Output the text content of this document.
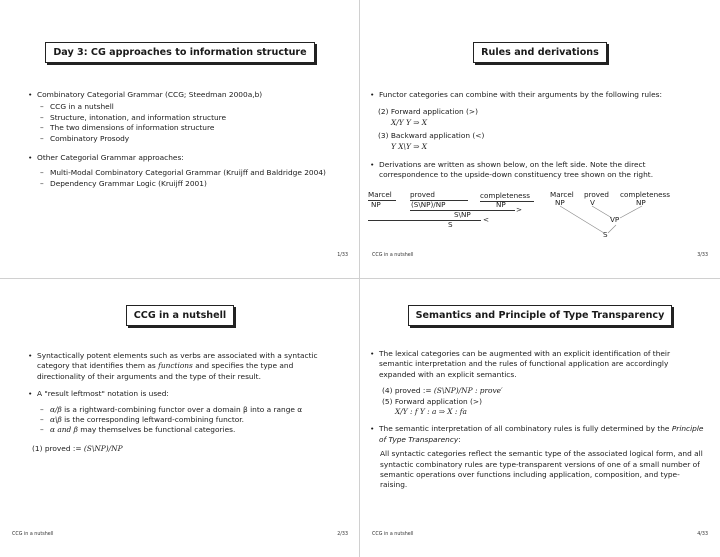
Day 3: CG approaches to information structure
• Combinatory Categorial Grammar (CCG; Steedman 2000a,b)
– CCG in a nutshell
– Structure, intonation, and information structure
– The two dimensions of information structure
– Combinatory Prosody
• Other Categorial Grammar approaches:
– Multi-Modal Combinatory Categorial Grammar (Kruijff and Baldridge 2004)
– Dependency Grammar Logic (Kruijff 2001)
1/33
Rules and derivations
• Functor categories can combine with their arguments by the following rules:
(2) Forward application (>)
X/Y Y ⇒ X
(3) Backward application (<)
Y X\Y ⇒ X
• Derivations are written as shown below, on the left side. Note the direct correspondence to the upside-down constituency tree shown on the right.
Marcel	proved	completeness
NP	(S\NP)/NP	NP
>
S\NP
<
S
Marcel proved completeness
NP	V	NP
VP
S
CCG in a nutshell	3/33
CCG in a nutshell
• Syntactically potent elements such as verbs are associated with a syntactic category that identifies them as functions and specifies the type and directionality of their arguments and the type of their result.
• A "result leftmost" notation is used:
– α/β is a rightward-combining functor over a domain β into a range α
– α\β is the corresponding leftward-combining functor.
– α and β may themselves be functional categories.
(1) proved := (S\NP)/NP
CCG in a nutshell	2/33
Semantics and Principle of Type Transparency
• The lexical categories can be augmented with an explicit identification of their semantic interpretation and the rules of functional application are accordingly expanded with an explicit semantics.
(4) proved := (S\NP)/NP : prove′
(5) Forward application (>)
X/Y : f Y : a ⇒ X : fa
• The semantic interpretation of all combinatory rules is fully determined by the Principle of Type Transparency:
All syntactic categories reflect the semantic type of the associated logical form, and all syntactic combinatory rules are type-transparent versions of one of a small number of semantic operations over functions including application, composition, and type-raising.
CCG in a nutshell	4/33
